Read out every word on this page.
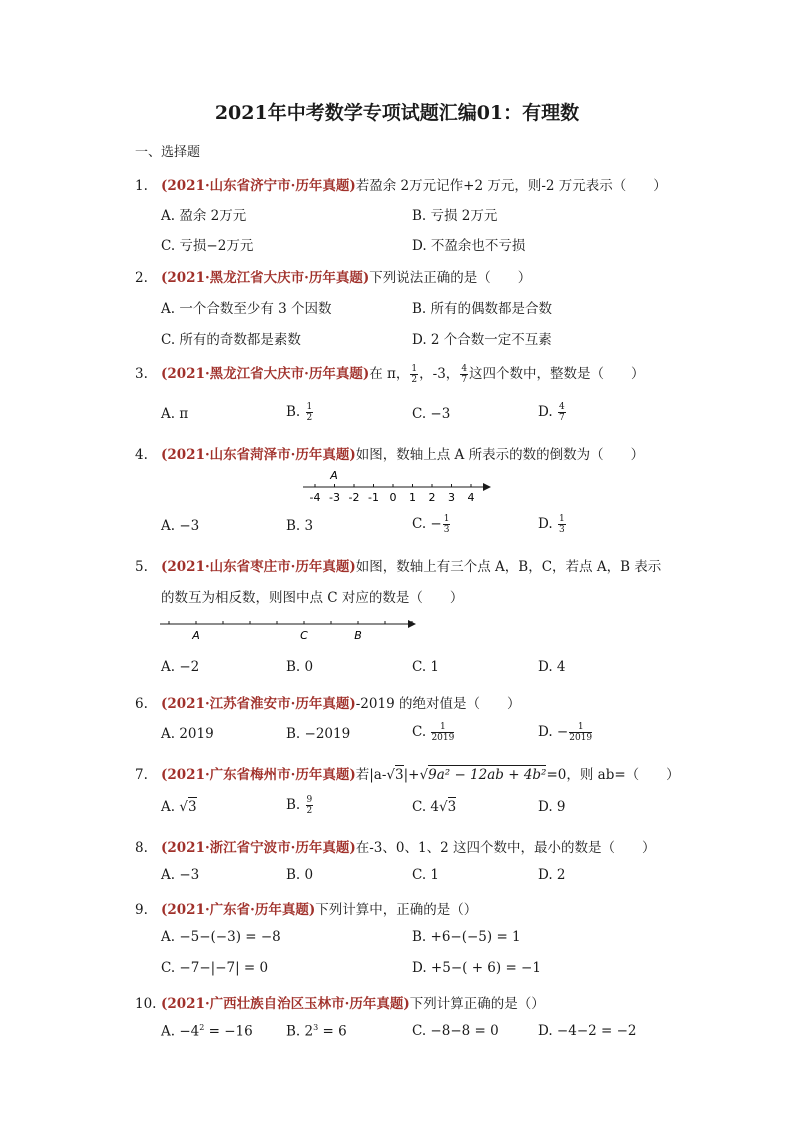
2021年中考数学专项试题汇编01：有理数
一、选择题
1. (2021·山东省济宁市·历年真题)若盈余 2万元记作+2 万元，则-2 万元表示（　　）
A. 盈余 2万元	B. 亏损 2万元
C. 亏损−2万元	D. 不盈余也不亏损
2. (2021·黑龙江省大庆市·历年真题)下列说法正确的是（　　）
A. 一个合数至少有 3 个因数	B. 所有的偶数都是合数
C. 所有的奇数都是素数	D. 2 个合数一定不互素
3. (2021·黑龙江省大庆市·历年真题)在 π， $\frac{1}{2}$ ，-3， $\frac{4}{7}$ 这四个数中，整数是（　　）
A. π	B. $\frac{1}{2}$	C. −3	D. $\frac{4}{7}$
4. (2021·山东省菏泽市·历年真题)如图，数轴上点 A 所表示的数的倒数为（　　）
-4 -3 -2 -1 0 1 2 3 4
A
A. −3	B. 3	C. − $\frac{1}{3}$	D. $\frac{1}{3}$
5. (2021·山东省枣庄市·历年真题)如图，数轴上有三个点 A，B，C，若点 A，B 表示
的数互为相反数，则图中点 C 对应的数是（　　）
A	C	B
A. −2	B. 0	C. 1	D. 4
6. (2021·江苏省淮安市·历年真题)-2019 的绝对值是（　　）
A. 2019	B. −2019	C. $\frac{1}{2019}$	D. − $\frac{1}{2019}$
7. (2021·广东省梅州市·历年真题)若|a-√3|+√9a² − 12ab + 4b²=0，则 ab=（　　）
A. √3	B. $\frac{9}{2}$	C. 4√3	D. 9
8. (2021·浙江省宁波市·历年真题)在-3、0、1、2 这四个数中，最小的数是（　　）
A. −3	B. 0	C. 1	D. 2
9. (2021·广东省·历年真题)下列计算中，正确的是（）
A. −5−(−3) = −8	B. +6−(−5) = 1
C. −7−|−7| = 0	D. +5−( + 6) = −1
10. (2021·广西壮族自治区玉林市·历年真题)下列计算正确的是（）
A. $-4^2 = -16$ B. $2^3 = 6$	C. −8−8 = 0	D. −4−2 = −2
